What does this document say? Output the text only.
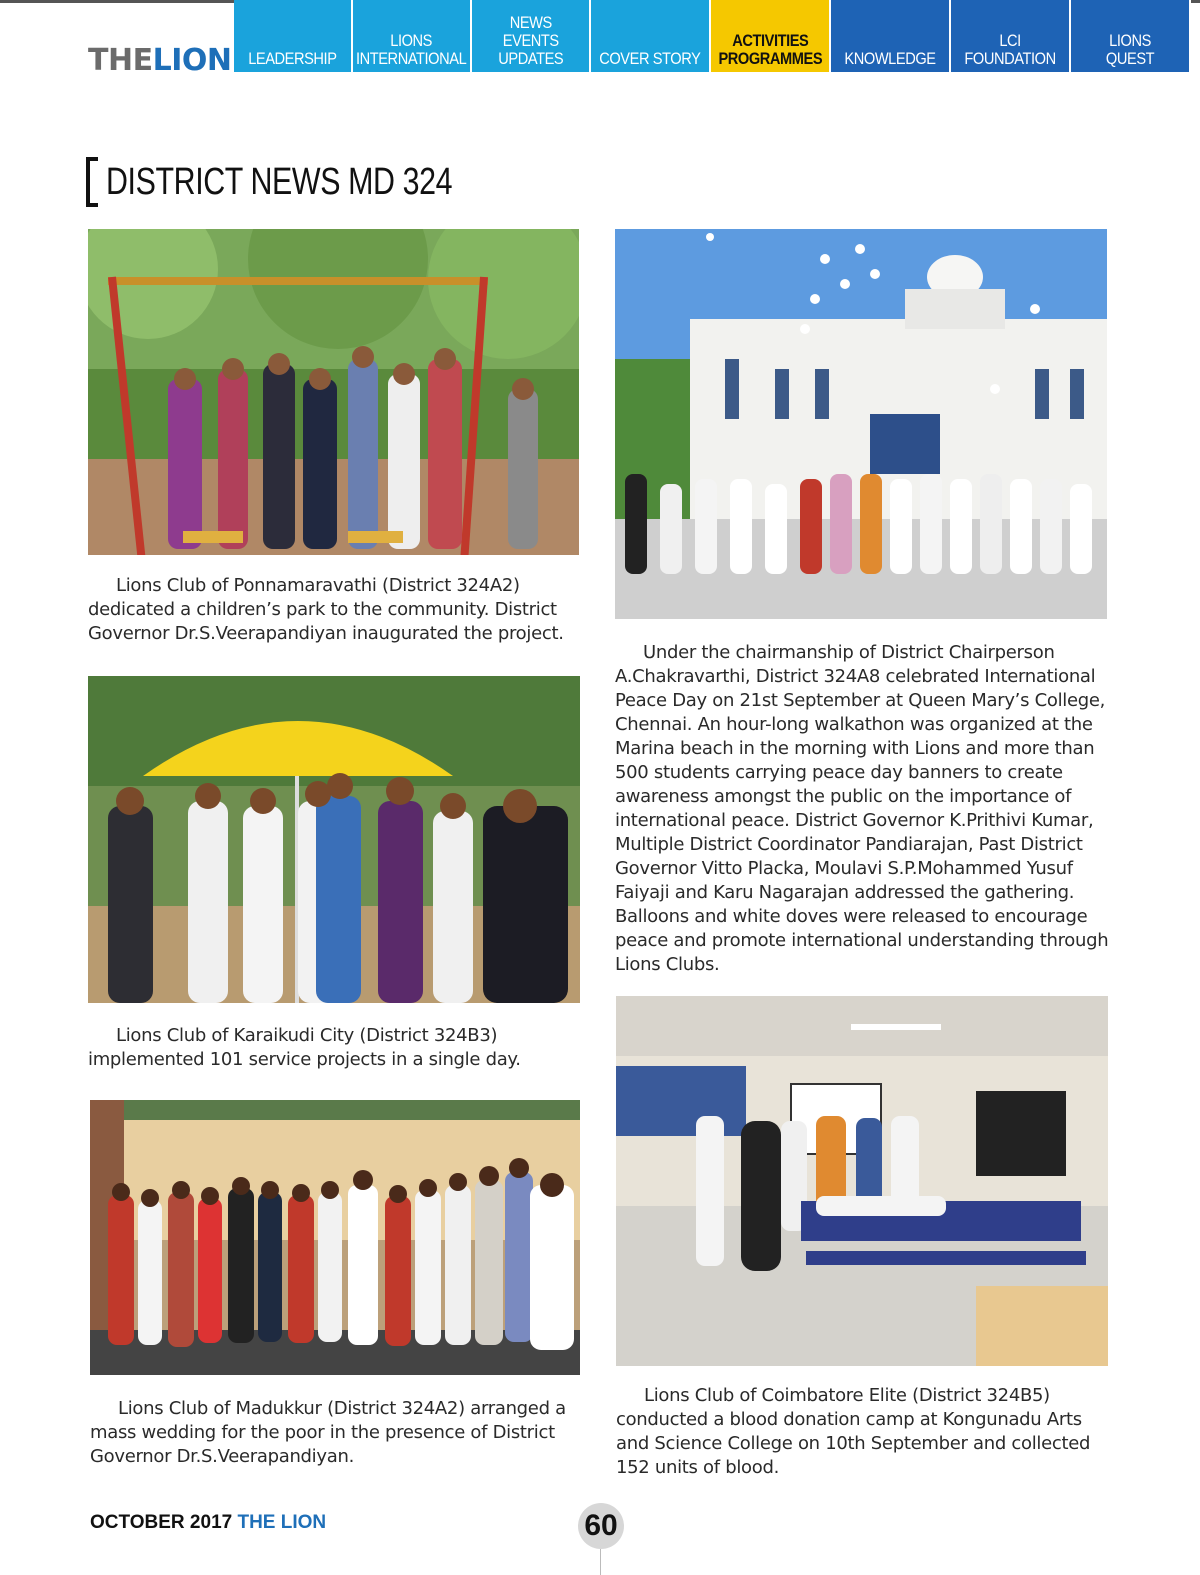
THELION LEADERSHIP
LIONS
INTERNATIONAL
NEWS
EVENTS
UPDATES COVER STORY
ACTIVITIES
PROGRAMMES KNOWLEDGE
LCI
FOUNDATION
LIONS
QUEST
DISTRICT NEWS MD 324
Lions Club of Ponnamaravathi (District 324A2) dedicated a children’s park to the community. District Governor Dr.S.Veerapandiyan inaugurated the project.
Under the chairmanship of District Chairperson A.Chakravarthi, District 324A8 celebrated International Peace Day on 21st September at Queen Mary’s College, Chennai. An hour-long walkathon was organized at the Marina beach in the morning with Lions and more than 500 students carrying peace day banners to create awareness amongst the public on the importance of international peace. District Governor K.Prithivi Kumar, Multiple District Coordinator Pandiarajan, Past District Governor Vitto Placka, Moulavi S.P.Mohammed Yusuf Faiyaji and Karu Nagarajan addressed the gathering. Balloons and white doves were released to encourage peace and promote international understanding through Lions Clubs.
Lions Club of Karaikudi City (District 324B3) implemented 101 service projects in a single day.
Lions Club of Coimbatore Elite (District 324B5) conducted a blood donation camp at Kongunadu Arts and Science College on 10th September and collected 152 units of blood.
Lions Club of Madukkur (District 324A2) arranged a mass wedding for the poor in the presence of District Governor Dr.S.Veerapandiyan.
OCTOBER 2017 THE LION	60
